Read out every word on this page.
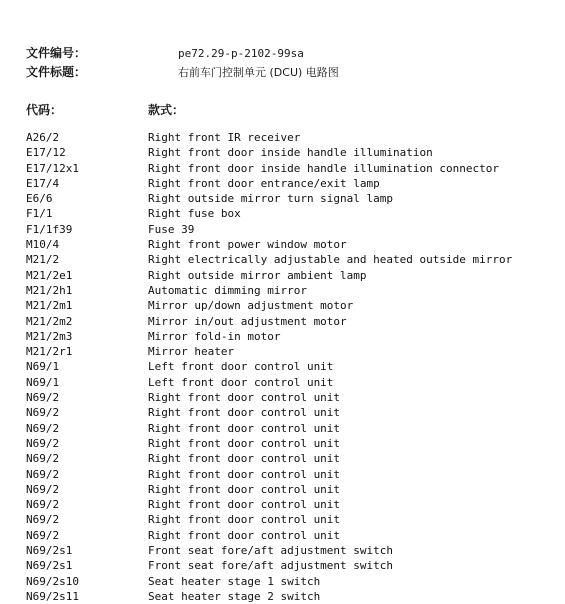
文件编号：	pe72.29-p-2102-99sa
文件标题：	右前车门控制单元 (DCU) 电路图
代码：	款式：
A26/2	Right front IR receiver
E17/12	Right front door inside handle illumination
E17/12x1	Right front door inside handle illumination connector
E17/4	Right front door entrance/exit lamp
E6/6	Right outside mirror turn signal lamp
F1/1	Right fuse box
F1/1f39	Fuse 39
M10/4	Right front power window motor
M21/2	Right electrically adjustable and heated outside mirror
M21/2e1	Right outside mirror ambient lamp
M21/2h1	Automatic dimming mirror
M21/2m1	Mirror up/down adjustment motor
M21/2m2	Mirror in/out adjustment motor
M21/2m3	Mirror fold-in motor
M21/2r1	Mirror heater
N69/1	Left front door control unit
N69/1	Left front door control unit
N69/2	Right front door control unit
N69/2	Right front door control unit
N69/2	Right front door control unit
N69/2	Right front door control unit
N69/2	Right front door control unit
N69/2	Right front door control unit
N69/2	Right front door control unit
N69/2	Right front door control unit
N69/2	Right front door control unit
N69/2	Right front door control unit
N69/2s1	Front seat fore/aft adjustment switch
N69/2s1	Front seat fore/aft adjustment switch
N69/2s10	Seat heater stage 1 switch
N69/2s11	Seat heater stage 2 switch
